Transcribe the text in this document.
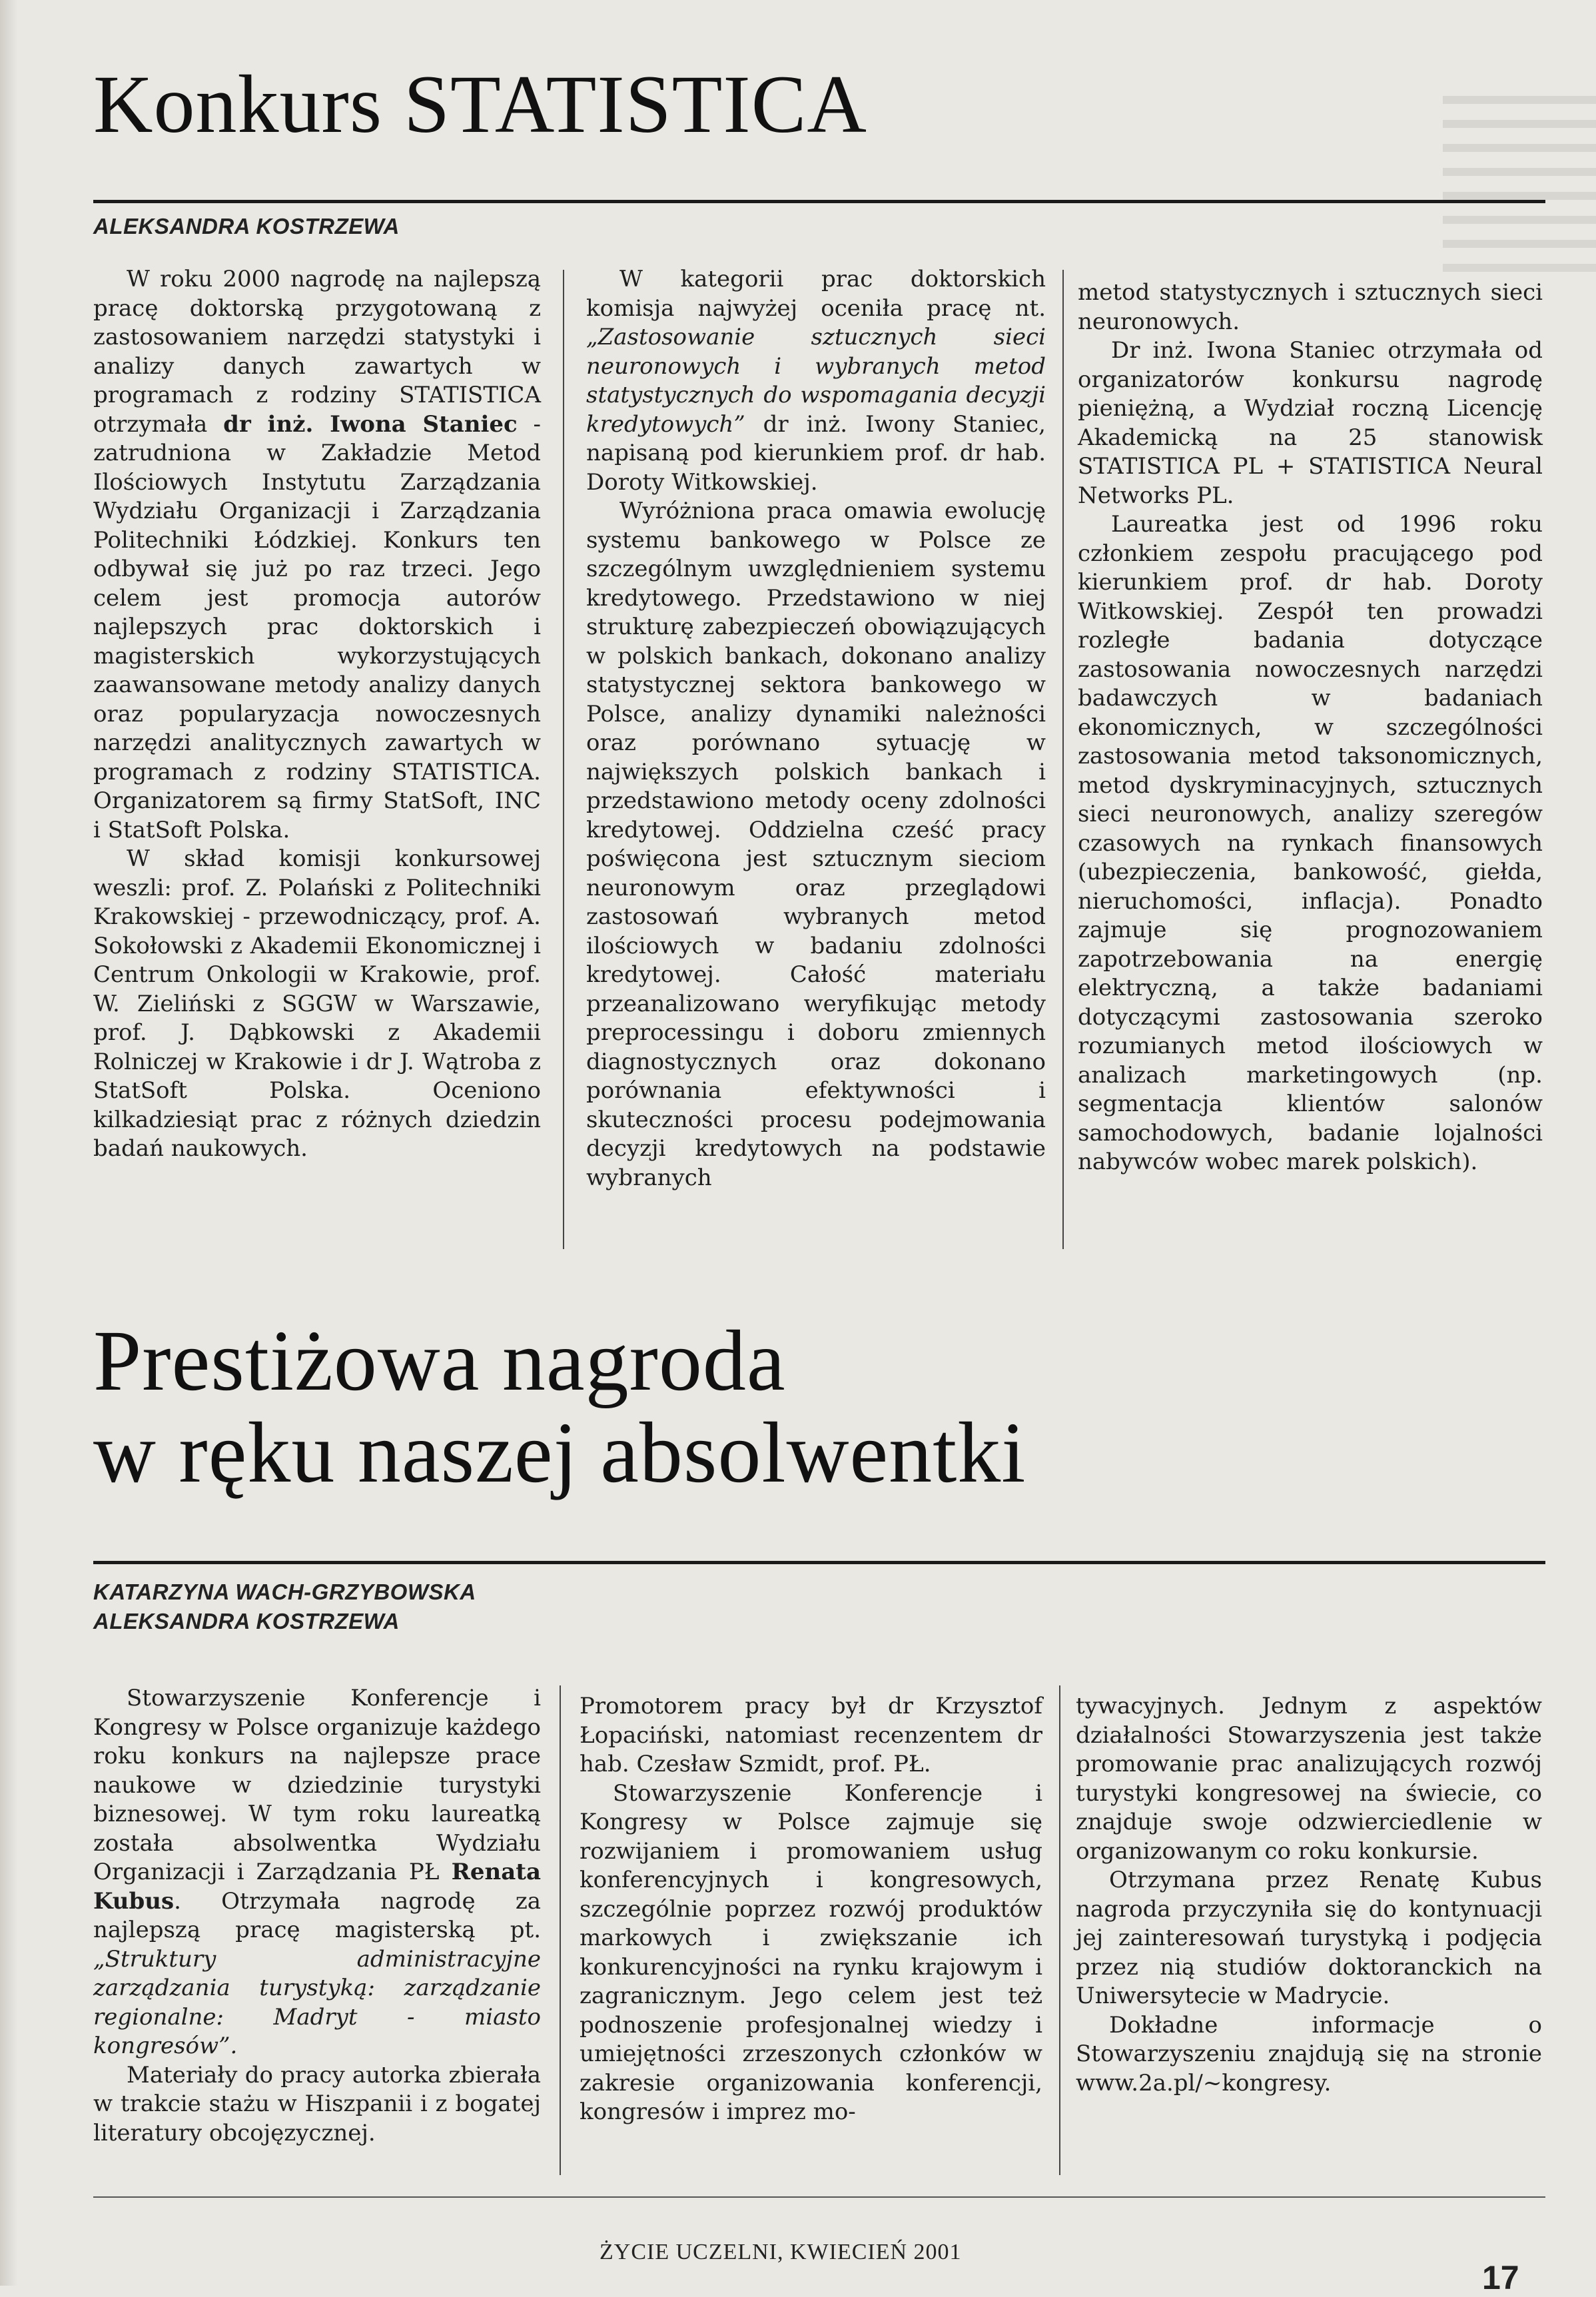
Konkurs STATISTICA

ALEKSANDRA KOSTRZEWA

W roku 2000 nagrodę na najlepszą pracę doktorską przygotowaną z zastosowaniem narzędzi statystyki i analizy danych zawartych w programach z rodziny STATISTICA otrzymała dr inż. Iwona Staniec - zatrudniona w Zakładzie Metod Ilościowych Instytutu Zarządzania Wydziału Organizacji i Zarządzania Politechniki Łódzkiej. Konkurs ten odbywał się już po raz trzeci. Jego celem jest promocja autorów najlepszych prac doktorskich i magisterskich wykorzystujących zaawansowane metody analizy danych oraz popularyzacja nowoczesnych narzędzi analitycznych zawartych w programach z rodziny STATISTICA. Organizatorem są firmy StatSoft, INC i StatSoft Polska.

W skład komisji konkursowej weszli: prof. Z. Polański z Politechniki Krakowskiej - przewodniczący, prof. A. Sokołowski z Akademii Ekonomicznej i Centrum Onkologii w Krakowie, prof. W. Zieliński z SGGW w Warszawie, prof. J. Dąbkowski z Akademii Rolniczej w Krakowie i dr J. Wątroba z StatSoft Polska. Oceniono kilkadziesiąt prac z różnych dziedzin badań naukowych.

W kategorii prac doktorskich komisja najwyżej oceniła pracę nt. „Zastosowanie sztucznych sieci neuronowych i wybranych metod statystycznych do wspomagania decyzji kredytowych” dr inż. Iwony Staniec, napisaną pod kierunkiem prof. dr hab. Doroty Witkowskiej.

Wyróżniona praca omawia ewolucję systemu bankowego w Polsce ze szczególnym uwzględnieniem systemu kredytowego. Przedstawiono w niej strukturę zabezpieczeń obowiązujących w polskich bankach, dokonano analizy statystycznej sektora bankowego w Polsce, analizy dynamiki należności oraz porównano sytuację w największych polskich bankach i przedstawiono metody oceny zdolności kredytowej. Oddzielna cześć pracy poświęcona jest sztucznym sieciom neuronowym oraz przeglądowi zastosowań wybranych metod ilościowych w badaniu zdolności kredytowej. Całość materiału przeanalizowano weryfikując metody preprocessingu i doboru zmiennych diagnostycznych oraz dokonano porównania efektywności i skuteczności procesu podejmowania decyzji kredytowych na podstawie wybranych

metod statystycznych i sztucznych sieci neuronowych.

Dr inż. Iwona Staniec otrzymała od organizatorów konkursu nagrodę pieniężną, a Wydział roczną Licencję Akademicką na 25 stanowisk STATISTICA PL + STATISTICA Neural Networks PL.

Laureatka jest od 1996 roku członkiem zespołu pracującego pod kierunkiem prof. dr hab. Doroty Witkowskiej. Zespół ten prowadzi rozległe badania dotyczące zastosowania nowoczesnych narzędzi badawczych w badaniach ekonomicznych, w szczególności zastosowania metod taksonomicznych, metod dyskryminacyjnych, sztucznych sieci neuronowych, analizy szeregów czasowych na rynkach finansowych (ubezpieczenia, bankowość, giełda, nieruchomości, inflacja). Ponadto zajmuje się prognozowaniem zapotrzebowania na energię elektryczną, a także badaniami dotyczącymi zastosowania szeroko rozumianych metod ilościowych w analizach marketingowych (np. segmentacja klientów salonów samochodowych, badanie lojalności nabywców wobec marek polskich).

Prestiżowa nagroda
w ręku naszej absolwentki

KATARZYNA WACH-GRZYBOWSKA
ALEKSANDRA KOSTRZEWA

Stowarzyszenie Konferencje i Kongresy w Polsce organizuje każdego roku konkurs na najlepsze prace naukowe w dziedzinie turystyki biznesowej. W tym roku laureatką została absolwentka Wydziału Organizacji i Zarządzania PŁ Renata Kubus. Otrzymała nagrodę za najlepszą pracę magisterską pt. „Struktury administracyjne zarządzania turystyką: zarządzanie regionalne: Madryt - miasto kongresów”.

Materiały do pracy autorka zbierała w trakcie stażu w Hiszpanii i z bogatej literatury obcojęzycznej.

Promotorem pracy był dr Krzysztof Łopaciński, natomiast recenzentem dr hab. Czesław Szmidt, prof. PŁ.

Stowarzyszenie Konferencje i Kongresy w Polsce zajmuje się rozwijaniem i promowaniem usług konferencyjnych i kongresowych, szczególnie poprzez rozwój produktów markowych i zwiększanie ich konkurencyjności na rynku krajowym i zagranicznym. Jego celem jest też podnoszenie profesjonalnej wiedzy i umiejętności zrzeszonych członków w zakresie organizowania konferencji, kongresów i imprez mo-

tywacyjnych. Jednym z aspektów działalności Stowarzyszenia jest także promowanie prac analizujących rozwój turystyki kongresowej na świecie, co znajduje swoje odzwierciedlenie w organizowanym co roku konkursie.

Otrzymana przez Renatę Kubus nagroda przyczyniła się do kontynuacji jej zainteresowań turystyką i podjęcia przez nią studiów doktoranckich na Uniwersytecie w Madrycie.

Dokładne informacje o Stowarzyszeniu znajdują się na stronie www.2a.pl/~kongresy.

ŻYCIE UCZELNI, KWIECIEŃ 2001

17
